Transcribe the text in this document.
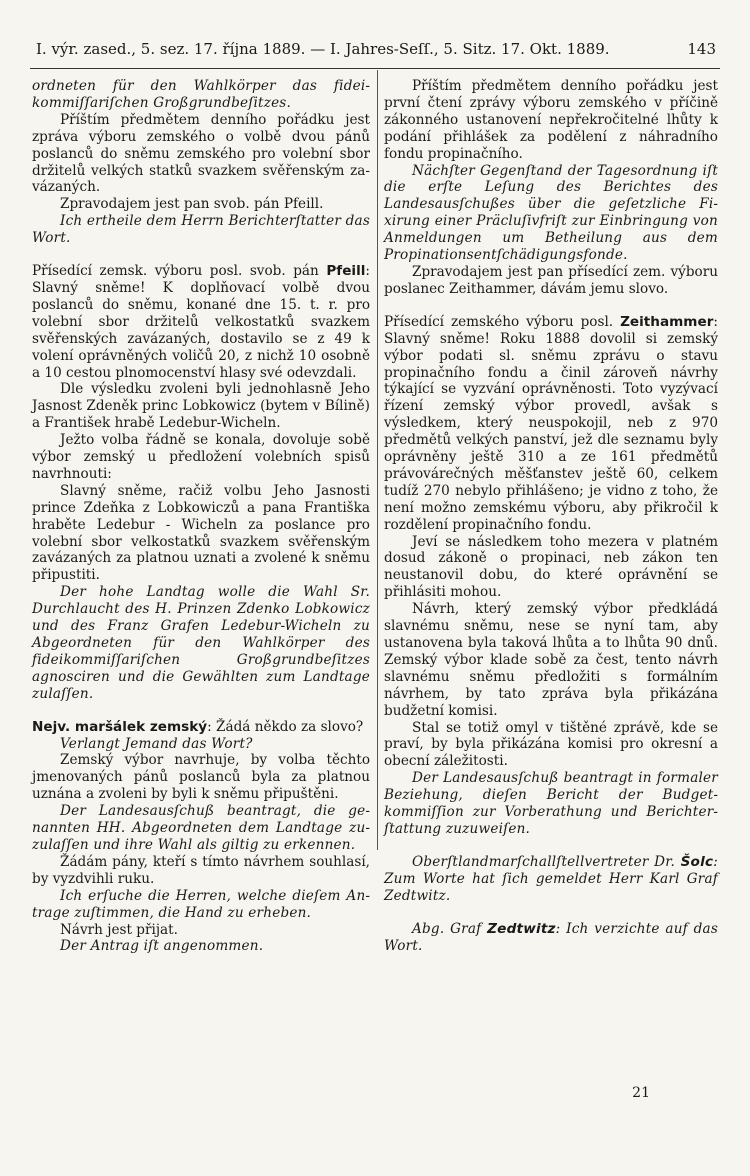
I. výr. zased., 5. sez. 17. října 1889. — I. Jahres-Seſſ., 5. Sitz. 17. Okt. 1889.	143

ordneten für den Wahlkörper das fideikommiſſariſchen Großgrundbeſitzes.

Příštím předmětem denního pořádku jest zpráva výboru zemského o volbě dvou pánů poslanců do sněmu zemského pro volební sbor držitelů velkých statků svazkem svěřenským zavázaných.

Zpravodajem jest pan svob. pán Pfeill.

Ich ertheile dem Herrn Berichterſtatter das Wort.

Přísedící zemsk. výboru posl. svob. pán Pfeill: Slavný sněme! K doplňovací volbě dvou poslanců do sněmu, konané dne 15. t. r. pro volební sbor držitelů velkostatků svazkem svěřenských zavázaných, dostavilo se z 49 k volení oprávněných voličů 20, z nichž 10 osobně a 10 cestou plnomocenství hlasy své odevzdali.

Dle výsledku zvoleni byli jednohlasně Jeho Jasnost Zdeněk princ Lobkowicz (bytem v Bílině) a František hrabě Ledebur-Wicheln.

Ježto volba řádně se konala, dovoluje sobě výbor zemský u předložení volebních spisů navrhnouti:

Slavný sněme, račiž volbu Jeho Jasnosti prince Zdeňka z Lobkowiczů a pana Františka hraběte Ledebur - Wicheln za poslance pro volební sbor velkostatků svazkem svěřenským zavázaných za platnou uznati a zvolené k sněmu připustiti.

Der hohe Landtag wolle die Wahl Sr. Durchlaucht des H. Prinzen Zdenko Lobkowicz und des Franz Grafen Ledebur-Wicheln zu Abgeordneten für den Wahlkörper des fideikommiſſariſchen Großgrundbeſitzes agnosciren und die Gewählten zum Landtage zulaſſen.

Nejv. maršálek zemský: Žádá někdo za slovo?

Verlangt Jemand das Wort?

Zemský výbor navrhuje, by volba těchto jmenovaných pánů poslanců byla za platnou uznána a zvoleni by byli k sněmu připuštěni.

Der Landesausſchuß beantragt, die genannten HH. Abgeordneten dem Landtage zuzulaſſen und ihre Wahl als giltig zu erkennen.

Žádám pány, kteří s tímto návrhem souhlasí, by vyzdvihli ruku.

Ich erſuche die Herren, welche dieſem Antrage zuſtimmen, die Hand zu erheben.

Návrh jest přijat.

Der Antrag iſt angenommen.

Příštím předmětem denního pořádku jest první čtení zprávy výboru zemského v příčině zákonného ustanovení nepřekročitelné lhůty k podání přihlášek za podělení z náhradního fondu propinačního.

Nächſter Gegenſtand der Tagesordnung iſt die erſte Leſung des Berichtes des Landesausſchußes über die geſetzliche Fixirung einer Präcluſivfriſt zur Einbringung von Anmeldungen um Betheilung aus dem Propinationsentſchädigungsfonde.

Zpravodajem jest pan přísedící zem. výboru poslanec Zeithammer, dávám jemu slovo.

Přísedící zemského výboru posl. Zeithammer: Slavný sněme! Roku 1888 dovolil si zemský výbor podati sl. sněmu zprávu o stavu propinačního fondu a činil zároveň návrhy týkající se vyzvání oprávněnosti. Toto vyzývací řízení zemský výbor provedl, avšak s výsledkem, který neuspokojil, neb z 970 předmětů velkých panství, jež dle seznamu byly oprávněny ještě 310 a ze 161 předmětů právovárečných měšťanstev ještě 60, celkem tudíž 270 nebylo přihlášeno; je vidno z toho, že není možno zemskému výboru, aby přikročil k rozdělení propinačního fondu.

Jeví se následkem toho mezera v platném dosud zákoně o propinaci, neb zákon ten neustanovil dobu, do které oprávnění se přihlásiti mohou.

Návrh, který zemský výbor předkládá slavnému sněmu, nese se nyní tam, aby ustanovena byla taková lhůta a to lhůta 90 dnů. Zemský výbor klade sobě za čest, tento návrh slavnému sněmu předložiti s formálním návrhem, by tato zpráva byla přikázána budžetní komisi.

Stal se totiž omyl v tištěné zprávě, kde se praví, by byla přikázána komisi pro okresní a obecní záležitosti.

Der Landesausſchuß beantragt in formaler Beziehung, dieſen Bericht der Budgetkommiſſion zur Vorberathung und Berichterſtattung zuzuweiſen.

Oberſtlandmarſchallſtellvertreter Dr. Šolc: Zum Worte hat ſich gemeldet Herr Karl Graf Zedtwitz.

Abg. Graf Zedtwitz: Ich verzichte auf das Wort.

21
